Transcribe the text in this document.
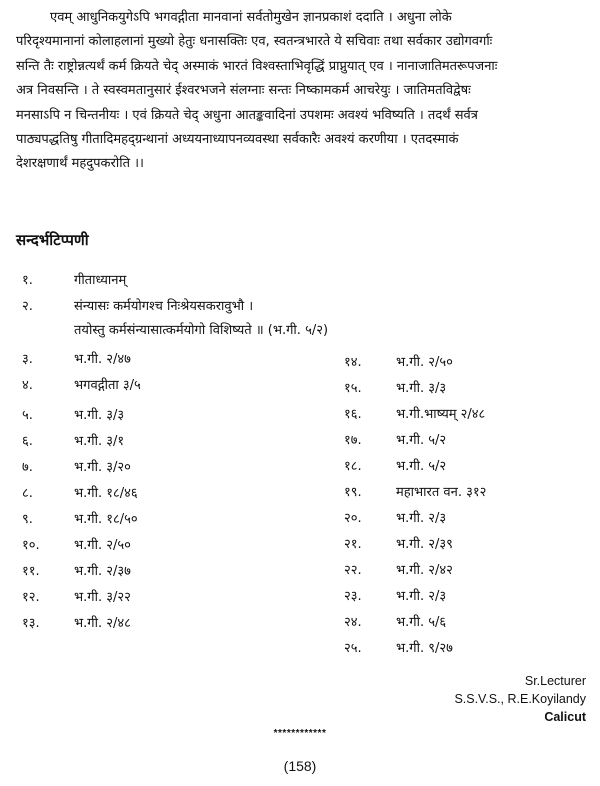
एवम् आधुनिकयुगेऽपि भगवद्गीता मानवानां सर्वतोमुखेन ज्ञानप्रकाशं ददाति । अधुना लोके
परिदृश्यमानानां कोलाहलानां मुख्यो हेतुः धनासक्तिः एव, स्वतन्त्रभारते ये सचिवाः तथा सर्वकार उद्योगवर्गाः
सन्ति तैः राष्ट्रोन्नत्यर्थं कर्म क्रियते चेद् अस्माकं भारतं विश्वस्ताभिवृद्धिं प्राप्नुयात् एव । नानाजातिमतरूपजनाः
अत्र निवसन्ति । ते स्वस्वमतानुसारं ईश्वरभजने संलग्नाः सन्तः निष्कामकर्म आचरेयुः । जातिमतविद्वेषः
मनसाऽपि न चिन्तनीयः । एवं क्रियते चेद् अधुना आतङ्कवादिनां उपशमः अवश्यं भविष्यति । तदर्थं सर्वत्र
पाठ्यपद्धतिषु गीतादिमहद्ग्रन्थानां अध्ययनाध्यापनव्यवस्था सर्वकारैः अवश्यं करणीया । एतदस्माकं
देशरक्षणार्थं महदुपकरोति ।।
सन्दर्भटिप्पणी
१.	गीताध्यानम्
२.	संन्यासः कर्मयोगश्च निःश्रेयसकरावुभौ ।
तयोस्तु कर्मसंन्यासात्कर्मयोगो विशिष्यते ॥ (भ.गी. ५/२)
३.	भ.गी. २/४७
४.	भगवद्गीता ३/५
५.	भ.गी. ३/३
६.	भ.गी. ३/१
७.	भ.गी. ३/२०
८.	भ.गी. १८/४६
९.	भ.गी. १८/५०
१०.	भ.गी. २/५०
११.	भ.गी. २/३७
१२.	भ.गी. ३/२२
१३.	भ.गी. २/४८
१४.	भ.गी. २/५०
१५.	भ.गी. ३/३
१६.	भ.गी.भाष्यम् २/४८
१७.	भ.गी. ५/२
१८.	भ.गी. ५/२
१९.	महाभारत वन. ३१२
२०.	भ.गी. २/३
२१.	भ.गी. २/३९
२२.	भ.गी. २/४२
२३.	भ.गी. २/३
२४.	भ.गी. ५/६
२५.	भ.गी. ९/२७
Sr.Lecturer
S.S.V.S., R.E.Koyilandy
Calicut
************
(158)
